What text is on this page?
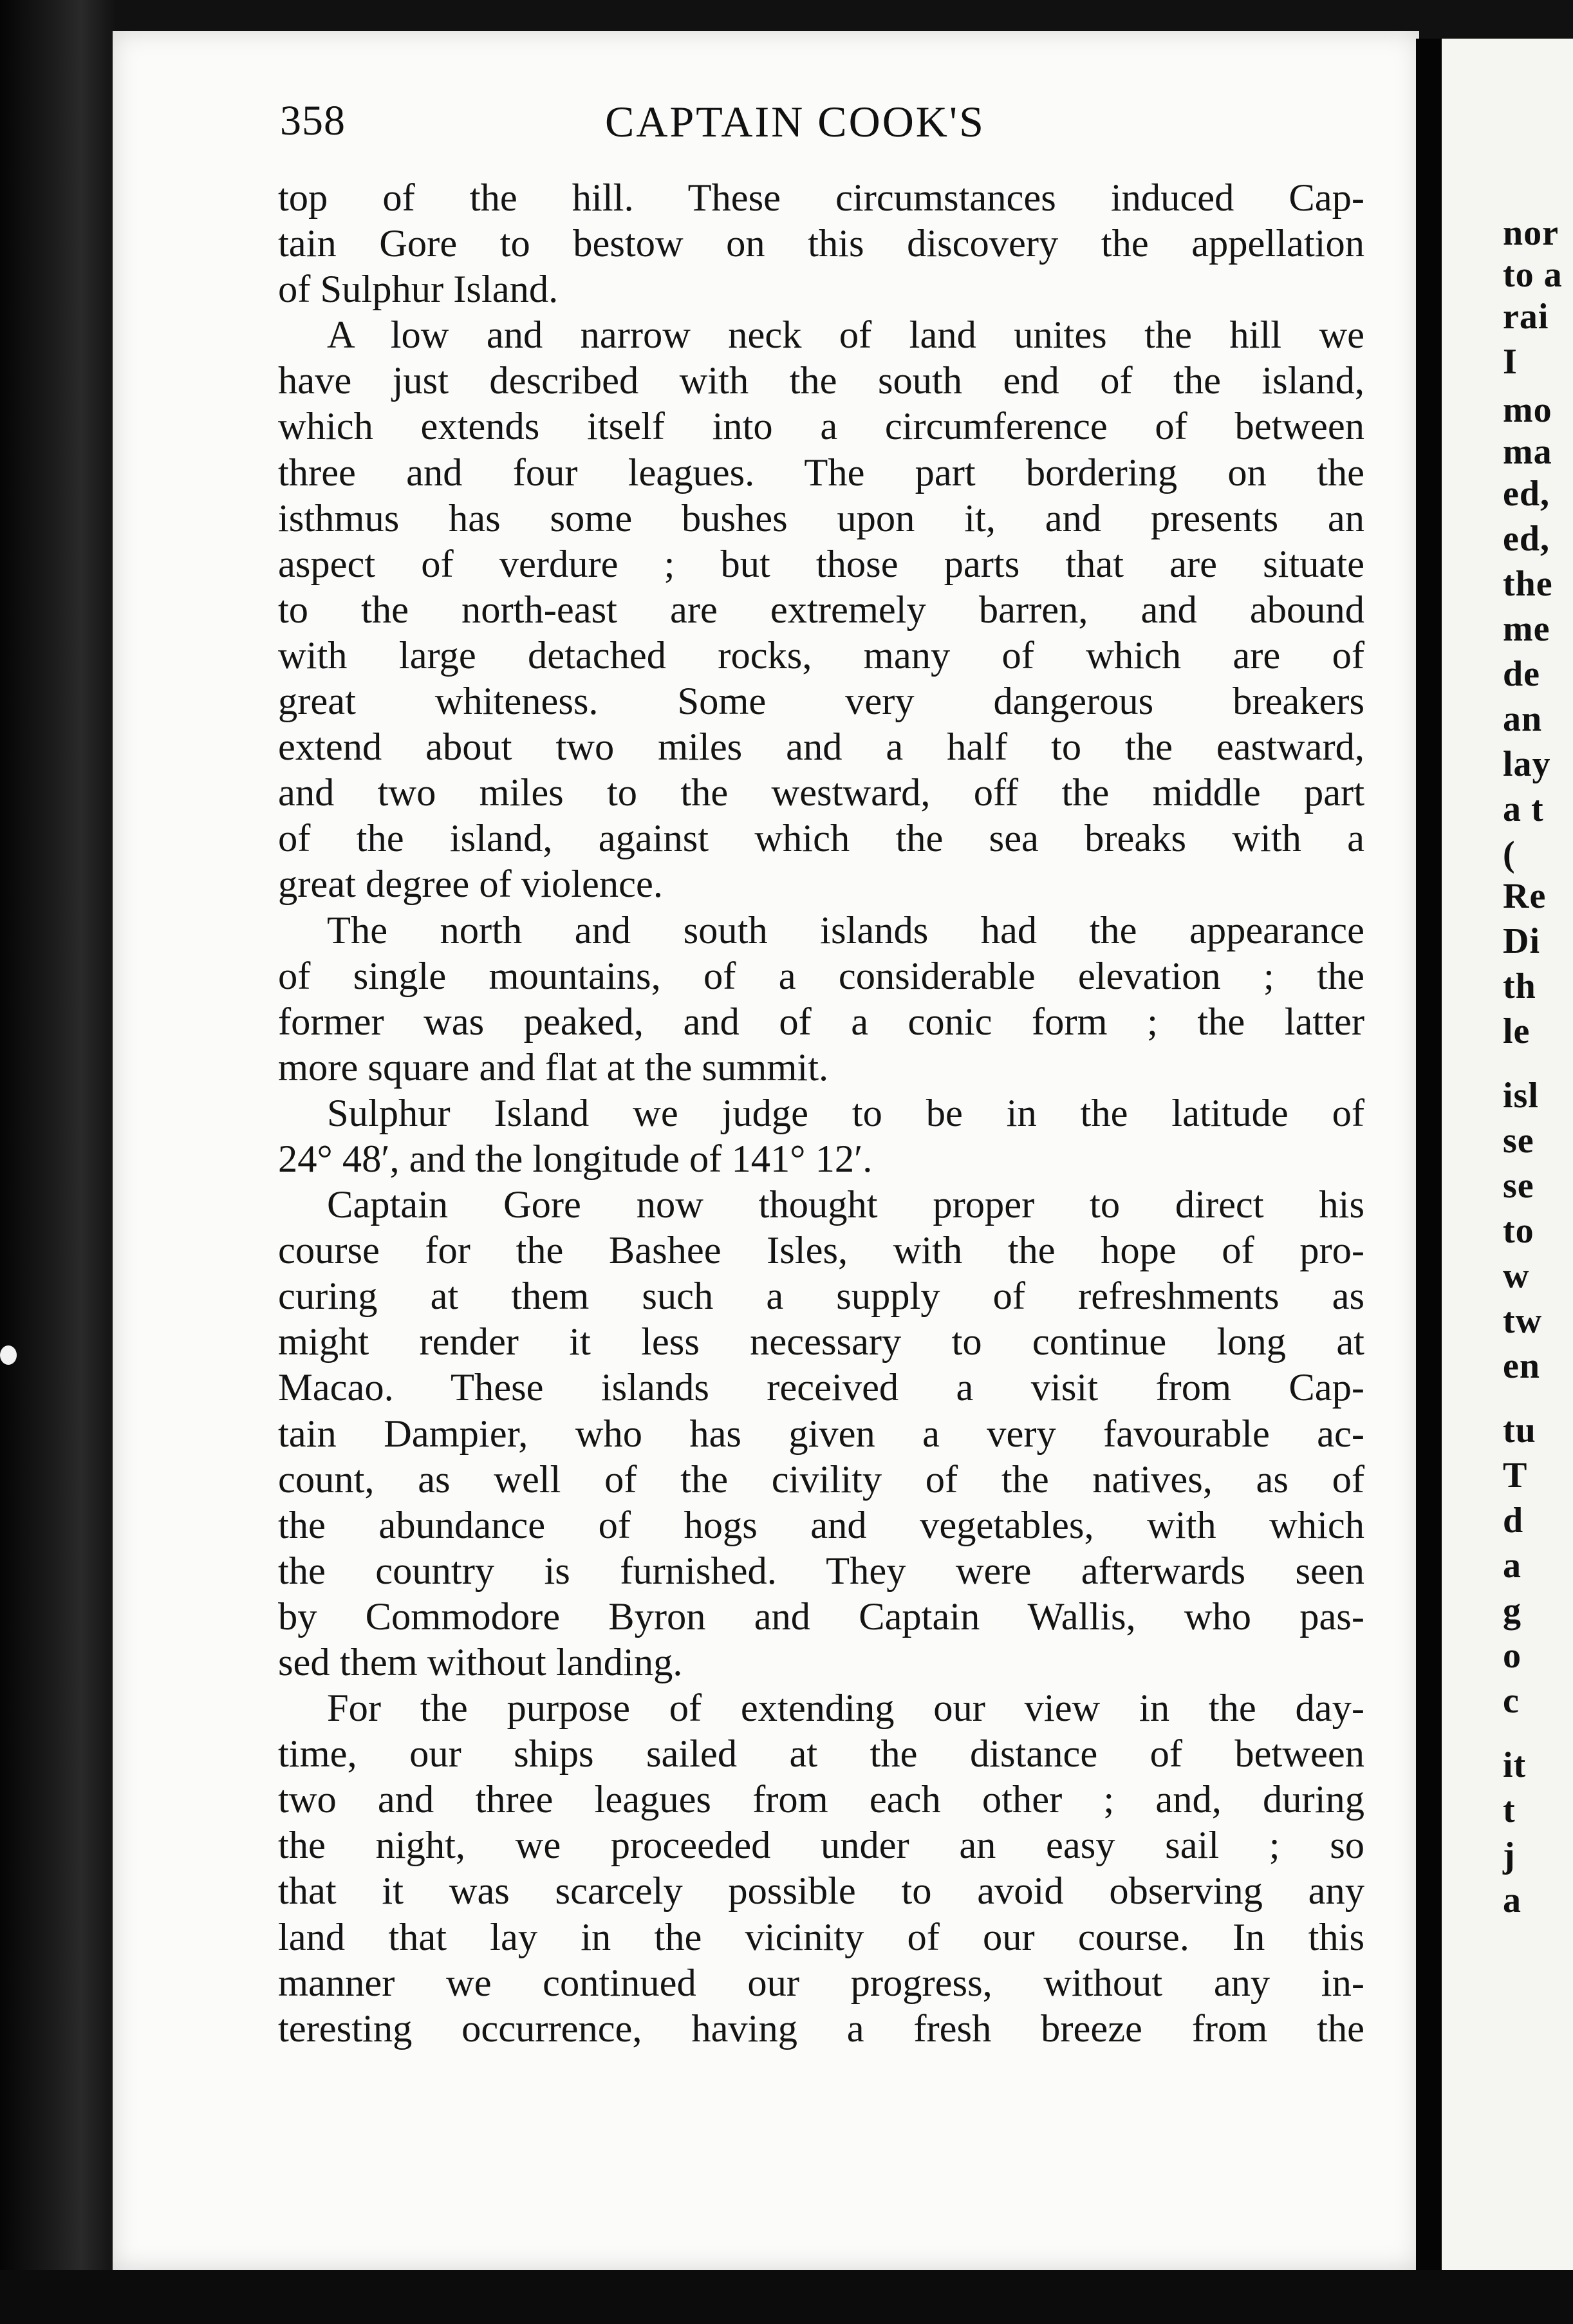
358	CAPTAIN COOK'S
top of the hill. These circumstances induced Cap-
tain Gore to bestow on this discovery the appellation
of Sulphur Island.
A low and narrow neck of land unites the hill we
have just described with the south end of the island,
which extends itself into a circumference of between
three and four leagues. The part bordering on the
isthmus has some bushes upon it, and presents an
aspect of verdure ; but those parts that are situate
to the north-east are extremely barren, and abound
with large detached rocks, many of which are of
great whiteness. Some very dangerous breakers
extend about two miles and a half to the eastward,
and two miles to the westward, off the middle part
of the island, against which the sea breaks with a
great degree of violence.
The north and south islands had the appearance
of single mountains, of a considerable elevation ; the
former was peaked, and of a conic form ; the latter
more square and flat at the summit.
Sulphur Island we judge to be in the latitude of
24° 48′, and the longitude of 141° 12′.
Captain Gore now thought proper to direct his
course for the Bashee Isles, with the hope of pro-
curing at them such a supply of refreshments as
might render it less necessary to continue long at
Macao. These islands received a visit from Cap-
tain Dampier, who has given a very favourable ac-
count, as well of the civility of the natives, as of
the abundance of hogs and vegetables, with which
the country is furnished. They were afterwards seen
by Commodore Byron and Captain Wallis, who pas-
sed them without landing.
For the purpose of extending our view in the day-
time, our ships sailed at the distance of between
two and three leagues from each other ; and, during
the night, we proceeded under an easy sail ; so
that it was scarcely possible to avoid observing any
land that lay in the vicinity of our course. In this
manner we continued our progress, without any in-
teresting occurrence, having a fresh breeze from the
nor
to a
rai
I
mo
ma
ed,
ed,
the
me
de
an
lay
a t
(
Re
Di
th
le
isl
se
se
to
w
tw
en
tu
T
d
a
g
o
c
it
t
j
a
